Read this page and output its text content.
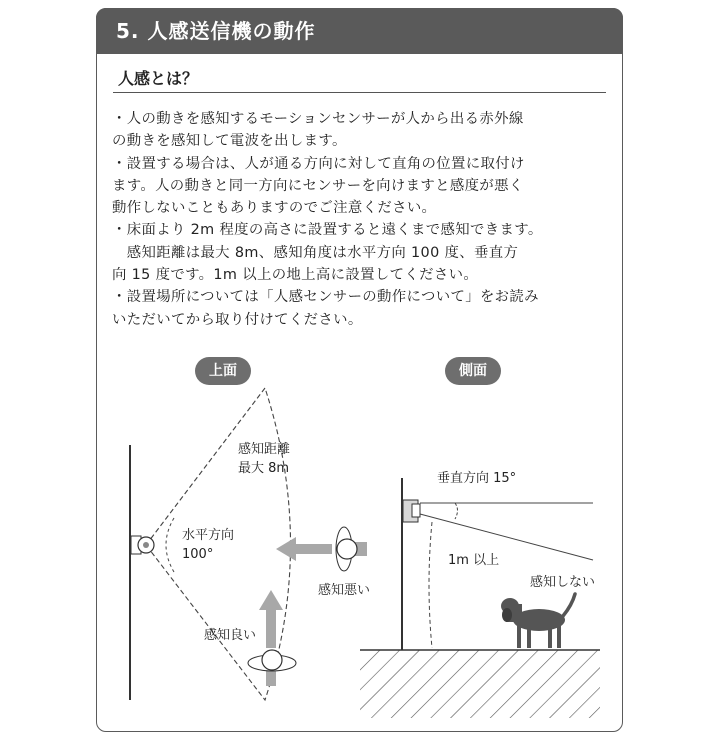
5. 人感送信機の動作
人感とは？
・人の動きを感知するモーションセンサーが人から出る赤外線
の動きを感知して電波を出します。
・設置する場合は、人が通る方向に対して直角の位置に取付け
ます。人の動きと同一方向にセンサーを向けますと感度が悪く
動作しないこともありますのでご注意ください。
・床面より 2m 程度の高さに設置すると遠くまで感知できます。
　感知距離は最大 8m、感知角度は水平方向 100 度、垂直方
向 15 度です。1m 以上の地上高に設置してください。
・設置場所については「人感センサーの動作について」をお読み
いただいてから取り付けてください。
上面	側面
感知距離
最大 8m
水平方向
100°
感知悪い
感知良い
垂直方向 15°
1m 以上
感知しない
